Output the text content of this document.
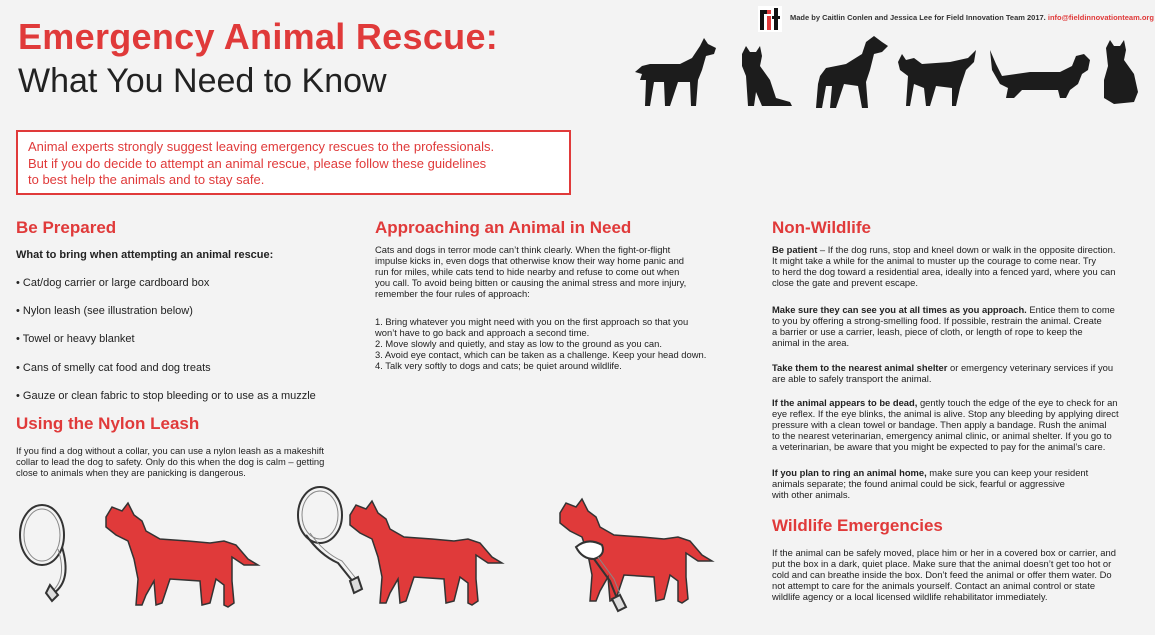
Made by Caitlin Conlen and Jessica Lee for Field Innovation Team 2017. info@fieldinnovationteam.org
Emergency Animal Rescue:
What You Need to Know
Animal experts strongly suggest leaving emergency rescues to the professionals.
But if you do decide to attempt an animal rescue, please follow these guidelines
to best help the animals and to stay safe.
Be Prepared
What to bring when attempting an animal rescue:
• Cat/dog carrier or large cardboard box
• Nylon leash (see illustration below)
• Towel or heavy blanket
• Cans of smelly cat food and dog treats
• Gauze or clean fabric to stop bleeding or to use as a muzzle
Using the Nylon Leash
If you find a dog without a collar, you can use a nylon leash as a makeshift
collar to lead the dog to safety. Only do this when the dog is calm – getting
close to animals when they are panicking is dangerous.
Approaching an Animal in Need
Cats and dogs in terror mode can’t think clearly. When the fight-or-flight
impulse kicks in, even dogs that otherwise know their way home panic and
run for miles, while cats tend to hide nearby and refuse to come out when
you call. To avoid being bitten or causing the animal stress and more injury,
remember the four rules of approach:
1. Bring whatever you might need with you on the first approach so that you
won’t have to go back and approach a second time.
2. Move slowly and quietly, and stay as low to the ground as you can.
3. Avoid eye contact, which can be taken as a challenge. Keep your head down.
4. Talk very softly to dogs and cats; be quiet around wildlife.
Non-Wildlife
Be patient – If the dog runs, stop and kneel down or walk in the opposite direction.
It might take a while for the animal to muster up the courage to come near. Try
to herd the dog toward a residential area, ideally into a fenced yard, where you can
close the gate and prevent escape.
Make sure they can see you at all times as you approach. Entice them to come
to you by offering a strong-smelling food. If possible, restrain the animal. Create
a barrier or use a carrier, leash, piece of cloth, or length of rope to keep the
animal in the area.
Take them to the nearest animal shelter or emergency veterinary services if you
are able to safely transport the animal.
If the animal appears to be dead, gently touch the edge of the eye to check for an
eye reflex. If the eye blinks, the animal is alive. Stop any bleeding by applying direct
pressure with a clean towel or bandage. Then apply a bandage. Rush the animal
to the nearest veterinarian, emergency animal clinic, or animal shelter. If you go to
a veterinarian, be aware that you might be expected to pay for the animal’s care.
If you plan to ring an animal home, make sure you can keep your resident
animals separate; the found animal could be sick, fearful or aggressive
with other animals.
Wildlife Emergencies
If the animal can be safely moved, place him or her in a covered box or carrier, and
put the box in a dark, quiet place. Make sure that the animal doesn’t get too hot or
cold and can breathe inside the box. Don’t feed the animal or offer them water. Do
not attempt to care for the animals yourself. Contact an animal control or state
wildlife agency or a local licensed wildlife rehabilitator immediately.
